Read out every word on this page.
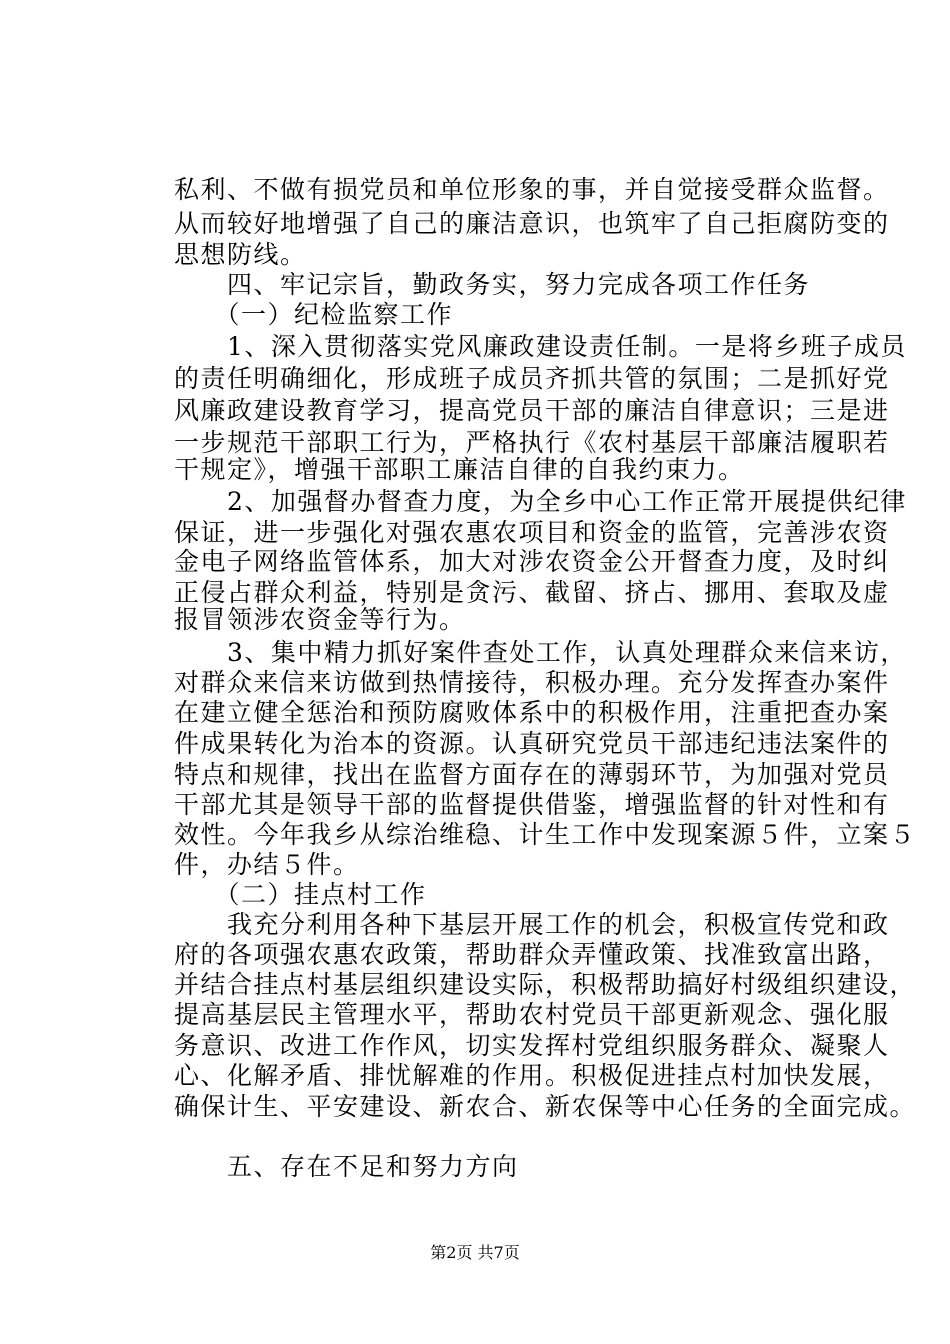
私利、不做有损党员和单位形象的事，并自觉接受群众监督。
从而较好地增强了自己的廉洁意识，也筑牢了自己拒腐防变的
思想防线。
　　四、牢记宗旨，勤政务实，努力完成各项工作任务
　　（一）纪检监察工作
　　1、深入贯彻落实党风廉政建设责任制。一是将乡班子成员
的责任明确细化，形成班子成员齐抓共管的氛围；二是抓好党
风廉政建设教育学习，提高党员干部的廉洁自律意识；三是进
一步规范干部职工行为，严格执行《农村基层干部廉洁履职若
干规定》，增强干部职工廉洁自律的自我约束力。
　　2、加强督办督查力度，为全乡中心工作正常开展提供纪律
保证，进一步强化对强农惠农项目和资金的监管，完善涉农资
金电子网络监管体系，加大对涉农资金公开督查力度，及时纠
正侵占群众利益，特别是贪污、截留、挤占、挪用、套取及虚
报冒领涉农资金等行为。
　　3、集中精力抓好案件查处工作，认真处理群众来信来访，
对群众来信来访做到热情接待，积极办理。充分发挥查办案件
在建立健全惩治和预防腐败体系中的积极作用，注重把查办案
件成果转化为治本的资源。认真研究党员干部违纪违法案件的
特点和规律，找出在监督方面存在的薄弱环节，为加强对党员
干部尤其是领导干部的监督提供借鉴，增强监督的针对性和有
效性。今年我乡从综治维稳、计生工作中发现案源５件，立案５
件，办结５件。
　　（二）挂点村工作
　　我充分利用各种下基层开展工作的机会，积极宣传党和政
府的各项强农惠农政策，帮助群众弄懂政策、找准致富出路，
并结合挂点村基层组织建设实际，积极帮助搞好村级组织建设，
提高基层民主管理水平，帮助农村党员干部更新观念、强化服
务意识、改进工作作风，切实发挥村党组织服务群众、凝聚人
心、化解矛盾、排忧解难的作用。积极促进挂点村加快发展，
确保计生、平安建设、新农合、新农保等中心任务的全面完成。
　　五、存在不足和努力方向
第2页 共7页
